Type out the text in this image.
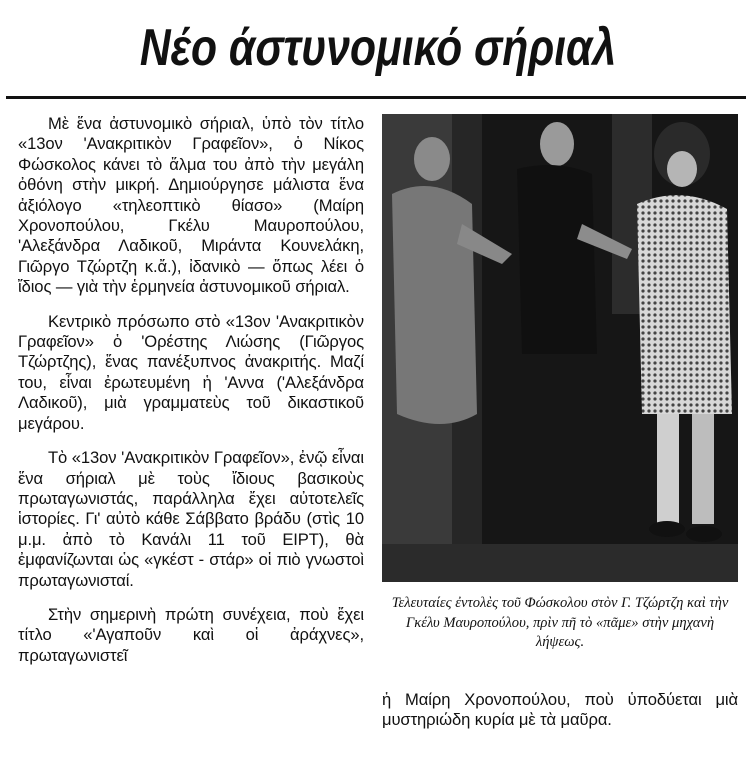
Νέο άστυνομικό σήριαλ

Μὲ ἕνα ἀστυνομικὸ σήριαλ, ὑπὸ τὸν τίτλο «13ον 'Ανακριτικὸν Γραφεῖον», ὁ Νίκος Φώσκολος κάνει τὸ ἅλμα του ἀπὸ τὴν μεγάλη ὀθόνη στὴν μικρή. Δημιούργησε μάλιστα ἕνα ἀξιόλογο «τηλεοπτικὸ θίασο» (Μαίρη Χρονοπούλου, Γκέλυ Μαυροπούλου, 'Αλεξάνδρα Λαδικοῦ, Μιράντα Κουνελάκη, Γιῶργο Τζώρτζη κ.ἄ.), ἰδανικὸ — ὅπως λέει ὁ ἴδιος — γιὰ τὴν ἑρμηνεία ἀστυνομικοῦ σήριαλ.

Κεντρικὸ πρόσωπο στὸ «13ον 'Ανακριτικὸν Γραφεῖον» ὁ 'Ορέστης Λιώσης (Γιῶργος Τζώρτζης), ἕνας πανέξυπνος ἀνακριτής. Μαζί του, εἶναι ἐρωτευμένη ἡ 'Αννα ('Αλεξάνδρα Λαδικοῦ), μιὰ γραμματεὺς τοῦ δικαστικοῦ μεγάρου.

Τὸ «13ον 'Ανακριτικὸν Γραφεῖον», ἐνῷ εἶναι ἕνα σήριαλ μὲ τοὺς ἴδιους βασικοὺς πρωταγωνιστάς, παράλληλα ἔχει αὐτοτελεῖς ἱστορίες. Γι' αὐτὸ κάθε Σάββατο βράδυ (στὶς 10 μ.μ. ἀπὸ τὸ Κανάλι 11 τοῦ ΕΙΡΤ), θὰ ἐμφανίζωνται ὡς «γκέστ - στάρ» οἱ πιὸ γνωστοὶ πρωταγωνισταί.

Στὴν σημερινὴ πρώτη συνέχεια, ποὺ ἔχει τίτλο «'Αγαποῦν καὶ οἱ ἀράχνες», πρωταγωνιστεῖ

Τελευταίες ἐντολὲς τοῦ Φώσκολου στὸν Γ. Τζώρτζη καὶ τὴν Γκέλυ Μαυροπούλου, πρὶν πῆ τὸ «πᾶμε» στὴν μηχανὴ λήψεως.

ἡ Μαίρη Χρονοπούλου, ποὺ ὑποδύεται μιὰ μυστηριώδη κυρία μὲ τὰ μαῦρα.
